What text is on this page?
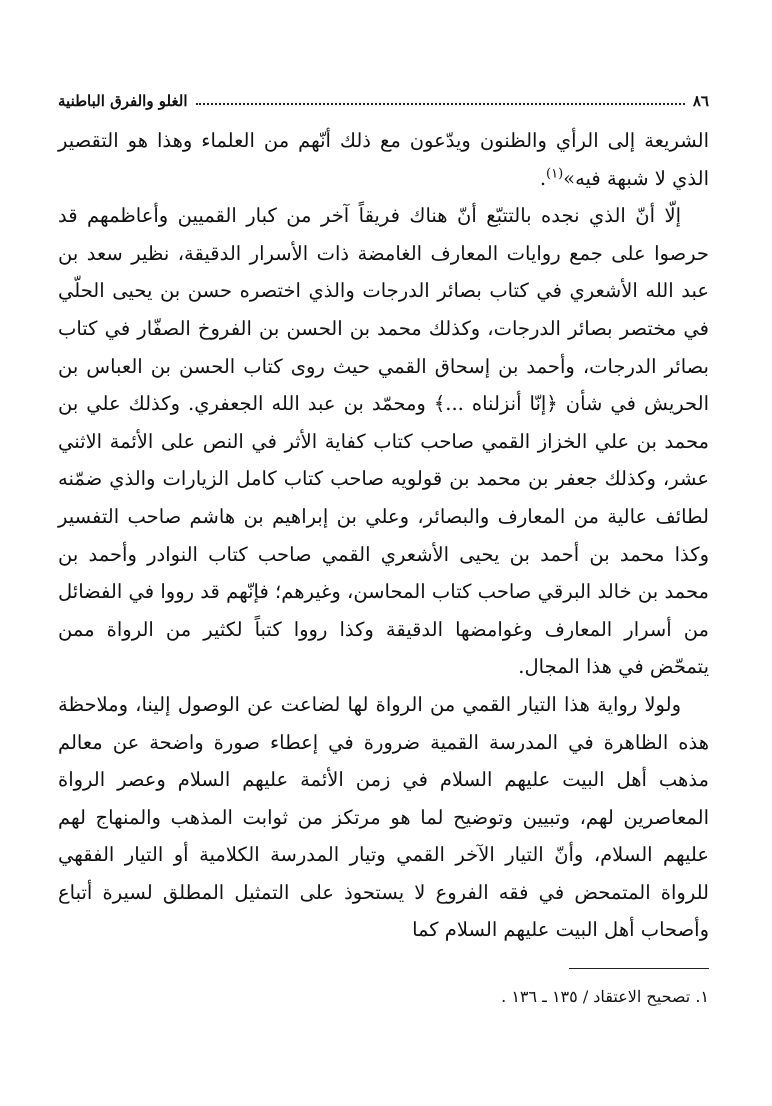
٨٦
الغلو والفرق الباطنية

الشريعة إلى الرأي والظنون ويدّعون مع ذلك أنّهم من العلماء وهذا هو التقصير الذي لا شبهة فيه»$^{(١)}$.

إلّا أنّ الذي نجده بالتتبّع أنّ هناك فريقاً آخر من كبار القميين وأعاظمهم قد حرصوا على جمع روايات المعارف الغامضة ذات الأسرار الدقيقة، نظير سعد بن عبد الله الأشعري في كتاب بصائر الدرجات والذي اختصره حسن بن يحيى الحلّي في مختصر بصائر الدرجات، وكذلك محمد بن الحسن بن الفروخ الصفّار في كتاب بصائر الدرجات، وأحمد بن إسحاق القمي حيث روى كتاب الحسن بن العباس بن الحريش في شأن ﴿إنّا أنزلناه ...﴾ ومحمّد بن عبد الله الجعفري. وكذلك علي بن محمد بن علي الخزاز القمي صاحب كتاب كفاية الأثر في النص على الأئمة الاثني عشر، وكذلك جعفر بن محمد بن قولويه صاحب كتاب كامل الزيارات والذي ضمّنه لطائف عالية من المعارف والبصائر، وعلي بن إبراهيم بن هاشم صاحب التفسير وكذا محمد بن أحمد بن يحيى الأشعري القمي صاحب كتاب النوادر وأحمد بن محمد بن خالد البرقي صاحب كتاب المحاسن، وغيرهم؛ فإنّهم قد رووا في الفضائل من أسرار المعارف وغوامضها الدقيقة وكذا رووا كتباً لكثير من الرواة ممن يتمحّض في هذا المجال.

ولولا رواية هذا التيار القمي من الرواة لها لضاعت عن الوصول إلينا، وملاحظة هذه الظاهرة في المدرسة القمية ضرورة في إعطاء صورة واضحة عن معالم مذهب أهل البيت عليهم السلام في زمن الأئمة عليهم السلام وعصر الرواة المعاصرين لهم، وتبيين وتوضيح لما هو مرتكز من ثوابت المذهب والمنهاج لهم عليهم السلام، وأنّ التيار الآخر القمي وتيار المدرسة الكلامية أو التيار الفقهي للرواة المتمحض في فقه الفروع لا يستحوذ على التمثيل المطلق لسيرة أتباع وأصحاب أهل البيت عليهم السلام كما

١. تصحيح الاعتقاد / ١٣٥ ـ ١٣٦ .
